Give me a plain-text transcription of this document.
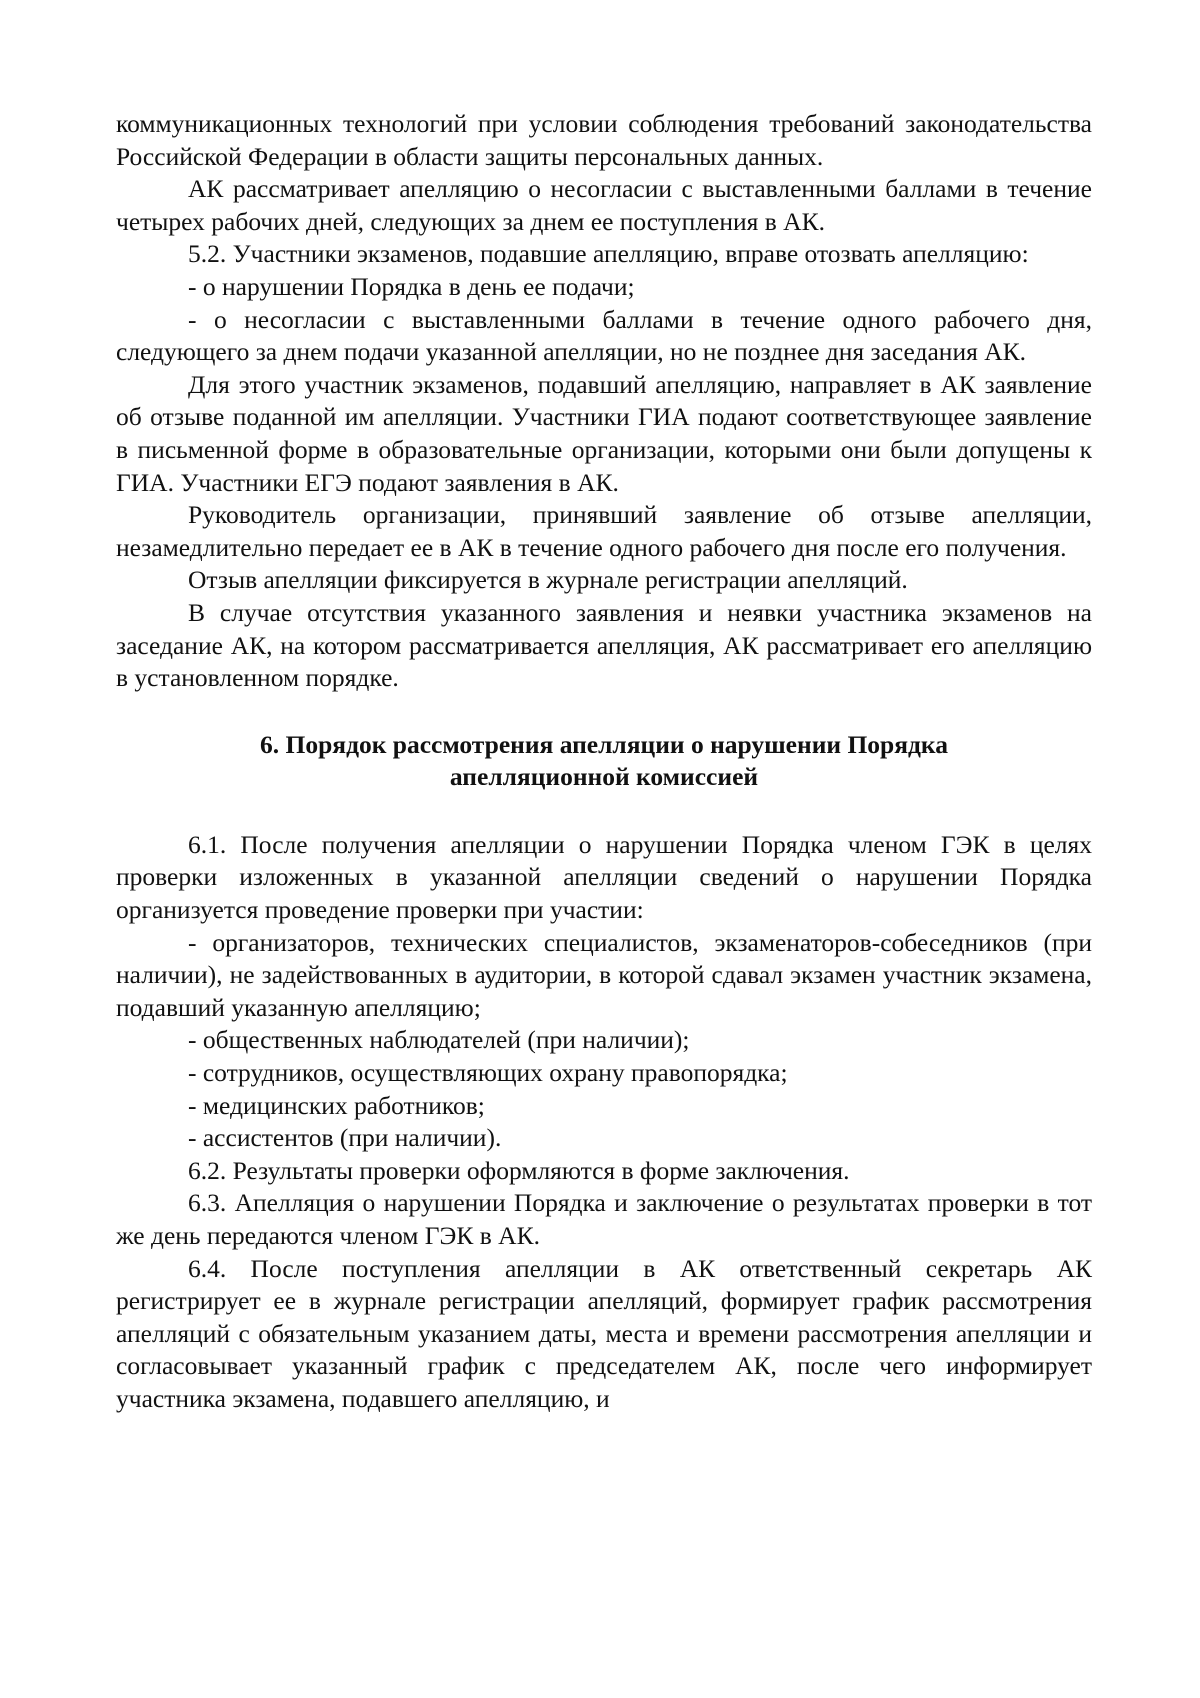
коммуникационных технологий при условии соблюдения требований законодательства Российской Федерации в области защиты персональных данных.

АК рассматривает апелляцию о несогласии с выставленными баллами в течение четырех рабочих дней, следующих за днем ее поступления в АК.

5.2. Участники экзаменов, подавшие апелляцию, вправе отозвать апелляцию:

- о нарушении Порядка в день ее подачи;

- о несогласии с выставленными баллами в течение одного рабочего дня, следующего за днем подачи указанной апелляции, но не позднее дня заседания АК.

Для этого участник экзаменов, подавший апелляцию, направляет в АК заявление об отзыве поданной им апелляции. Участники ГИА подают соответствующее заявление в письменной форме в образовательные организации, которыми они были допущены к ГИА. Участники ЕГЭ подают заявления в АК.

Руководитель организации, принявший заявление об отзыве апелляции, незамедлительно передает ее в АК в течение одного рабочего дня после его получения.

Отзыв апелляции фиксируется в журнале регистрации апелляций.

В случае отсутствия указанного заявления и неявки участника экзаменов на заседание АК, на котором рассматривается апелляция, АК рассматривает его апелляцию в установленном порядке.

6. Порядок рассмотрения апелляции о нарушении Порядка
апелляционной комиссией

6.1. После получения апелляции о нарушении Порядка членом ГЭК в целях проверки изложенных в указанной апелляции сведений о нарушении Порядка организуется проведение проверки при участии:

- организаторов, технических специалистов, экзаменаторов-собеседников (при наличии), не задействованных в аудитории, в которой сдавал экзамен участник экзамена, подавший указанную апелляцию;

- общественных наблюдателей (при наличии);

- сотрудников, осуществляющих охрану правопорядка;

- медицинских работников;

- ассистентов (при наличии).

6.2. Результаты проверки оформляются в форме заключения.

6.3. Апелляция о нарушении Порядка и заключение о результатах проверки в тот же день передаются членом ГЭК в АК.

6.4. После поступления апелляции в АК ответственный секретарь АК регистрирует ее в журнале регистрации апелляций, формирует график рассмотрения апелляций с обязательным указанием даты, места и времени рассмотрения апелляции и согласовывает указанный график с председателем АК, после чего информирует участника экзамена, подавшего апелляцию, и
